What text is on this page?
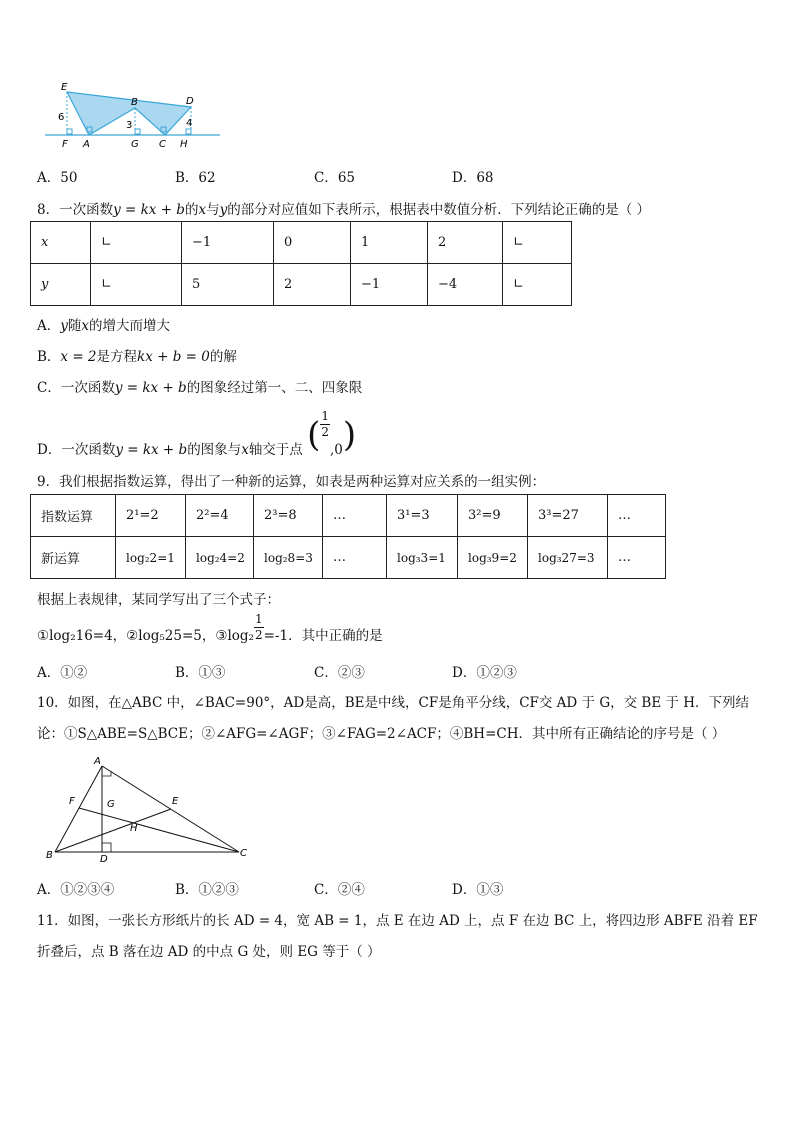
E
B	D
6
3	4
F A	G C H
A．50	B．62	C．65	D．68
8．一次函数y = kx + b的x与y的部分对应值如下表所示，根据表中数值分析．下列结论正确的是（ ）
x	∟	−1	0	1	2	∟
y	∟	5	2	−1	−4	∟
A．y随x的增大而增大
B．x = 2是方程kx + b = 0的解
C．一次函数y = kx + b的图象经过第一、二、四象限
D．一次函数y = kx + b的图象与x轴交于点 ( $\frac{1}{2}$
,0)
9．我们根据指数运算，得出了一种新的运算，如表是两种运算对应关系的一组实例：
指数运算	2¹=2	2²=4	2³=8	…	3¹=3	3²=9	3³=27	…
新运算	log₂2=1	log₂4=2	log₂8=3	…	log₃3=1	log₃9=2	log₃27=3	…
根据上表规律，某同学写出了三个式子：
①log₂16=4，②log₅25=5，③log₂ $\frac{1}{2} =-1$．其中正确的是
A．①②	B．①③	C．②③	D．①②③
10．如图，在△ABC 中，∠BAC=90°，AD是高，BE是中线，CF是角平分线，CF交 AD 于 G，交 BE 于 H．下列结
论：①S△ABE=S△BCE；②∠AFG=∠AGF；③∠FAG=2∠ACF；④BH=CH．其中所有正确结论的序号是（ ）
A
F	G	E
H
B	D
C
A．①②③④	B．①②③	C．②④	D．①③
11．如图，一张长方形纸片的长 AD = 4，宽 AB = 1，点 E 在边 AD 上，点 F 在边 BC 上，将四边形 ABFE 沿着 EF
折叠后，点 B 落在边 AD 的中点 G 处，则 EG 等于（ ）
